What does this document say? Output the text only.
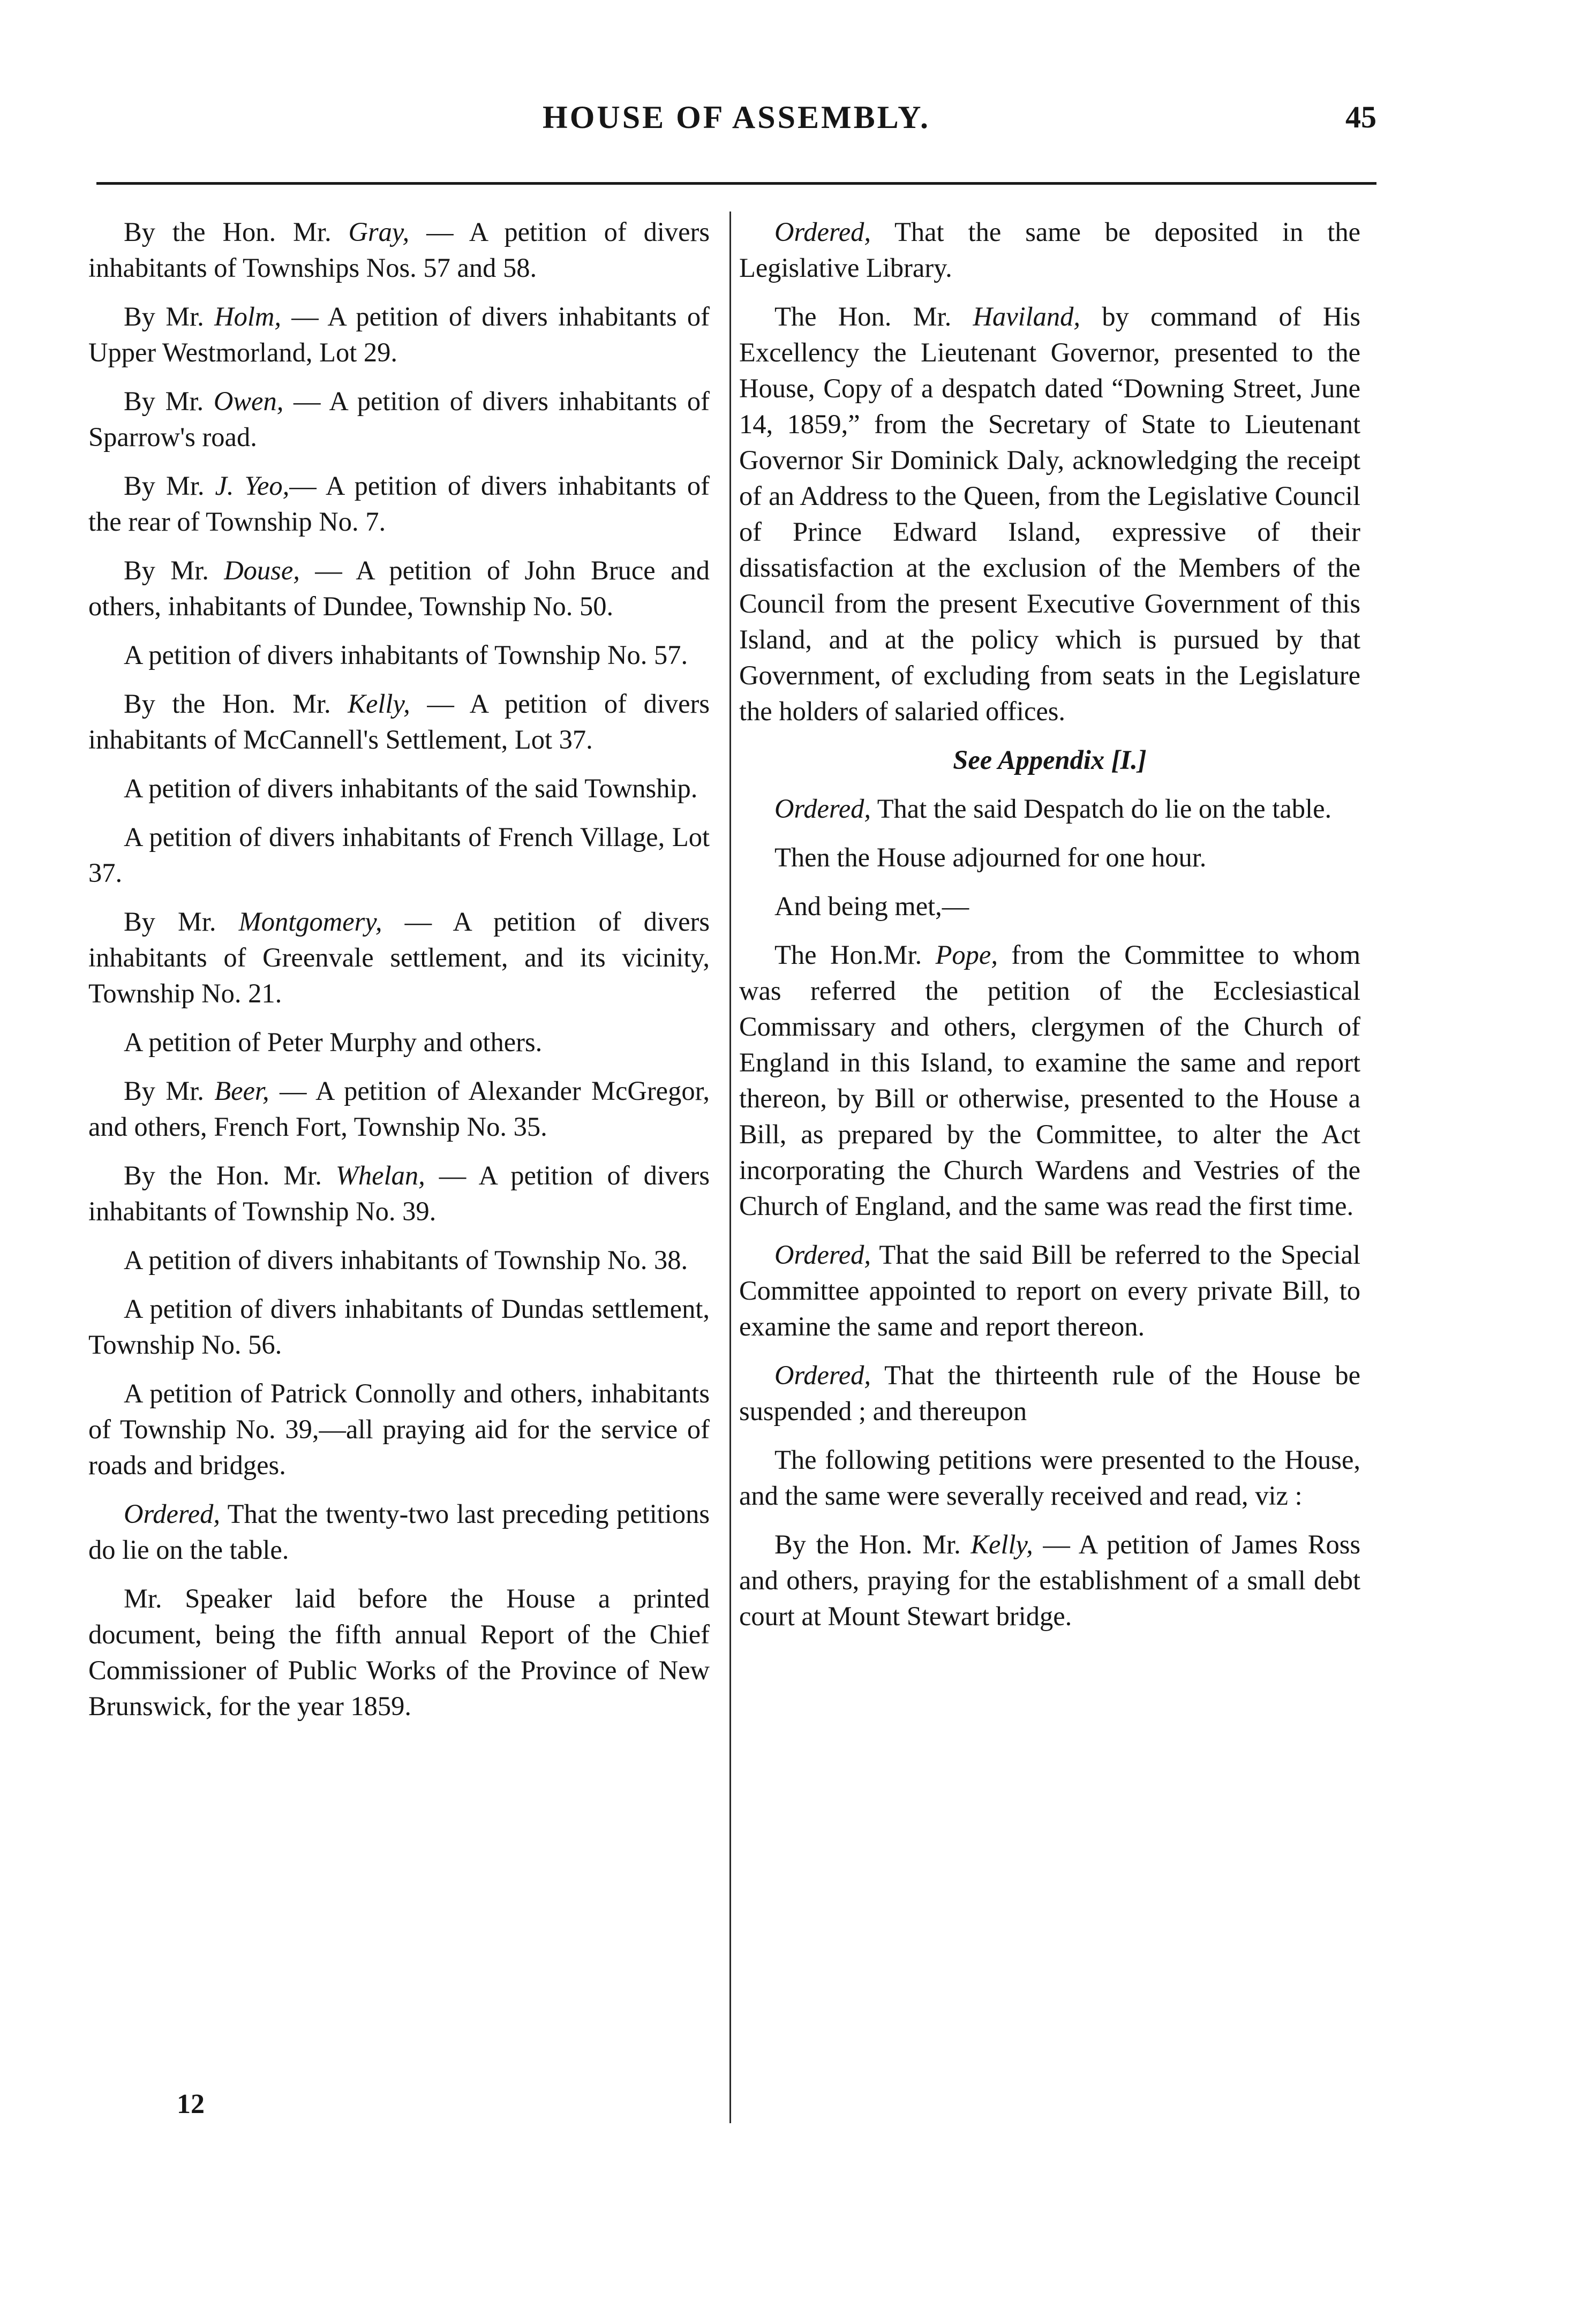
HOUSE OF ASSEMBLY.	45

By the Hon. Mr. Gray, — A petition of divers inhabitants of Townships Nos. 57 and 58.

By Mr. Holm, — A petition of divers inhabitants of Upper Westmorland, Lot 29.

By Mr. Owen, — A petition of divers inhabitants of Sparrow's road.

By Mr. J. Yeo,— A petition of divers inhabitants of the rear of Township No. 7.

By Mr. Douse, — A petition of John Bruce and others, inhabitants of Dundee, Township No. 50.

A petition of divers inhabitants of Township No. 57.

By the Hon. Mr. Kelly, — A petition of divers inhabitants of McCannell's Settlement, Lot 37.

A petition of divers inhabitants of the said Township.

A petition of divers inhabitants of French Village, Lot 37.

By Mr. Montgomery, — A petition of divers inhabitants of Greenvale settlement, and its vicinity, Township No. 21.

A petition of Peter Murphy and others.

By Mr. Beer, — A petition of Alexander McGregor, and others, French Fort, Township No. 35.

By the Hon. Mr. Whelan, — A petition of divers inhabitants of Township No. 39.

A petition of divers inhabitants of Township No. 38.

A petition of divers inhabitants of Dundas settlement, Township No. 56.

A petition of Patrick Connolly and others, inhabitants of Township No. 39,—all praying aid for the service of roads and bridges.

Ordered, That the twenty-two last preceding petitions do lie on the table.

Mr. Speaker laid before the House a printed document, being the fifth annual Report of the Chief Commissioner of Public Works of the Province of New Brunswick, for the year 1859.

Ordered, That the same be deposited in the Legislative Library.

The Hon. Mr. Haviland, by command of His Excellency the Lieutenant Governor, presented to the House, Copy of a despatch dated “Downing Street, June 14, 1859,” from the Secretary of State to Lieutenant Governor Sir Dominick Daly, acknowledging the receipt of an Address to the Queen, from the Legislative Council of Prince Edward Island, expressive of their dissatisfaction at the exclusion of the Members of the Council from the present Executive Government of this Island, and at the policy which is pursued by that Government, of excluding from seats in the Legislature the holders of salaried offices.

See Appendix [I.]

Ordered, That the said Despatch do lie on the table.

Then the House adjourned for one hour.

And being met,—

The Hon.Mr. Pope, from the Committee to whom was referred the petition of the Ecclesiastical Commissary and others, clergymen of the Church of England in this Island, to examine the same and report thereon, by Bill or otherwise, presented to the House a Bill, as prepared by the Committee, to alter the Act incorporating the Church Wardens and Vestries of the Church of England, and the same was read the first time.

Ordered, That the said Bill be referred to the Special Committee appointed to report on every private Bill, to examine the same and report thereon.

Ordered, That the thirteenth rule of the House be suspended ; and thereupon

The following petitions were presented to the House, and the same were severally received and read, viz :

By the Hon. Mr. Kelly, — A petition of James Ross and others, praying for the establishment of a small debt court at Mount Stewart bridge.

12
